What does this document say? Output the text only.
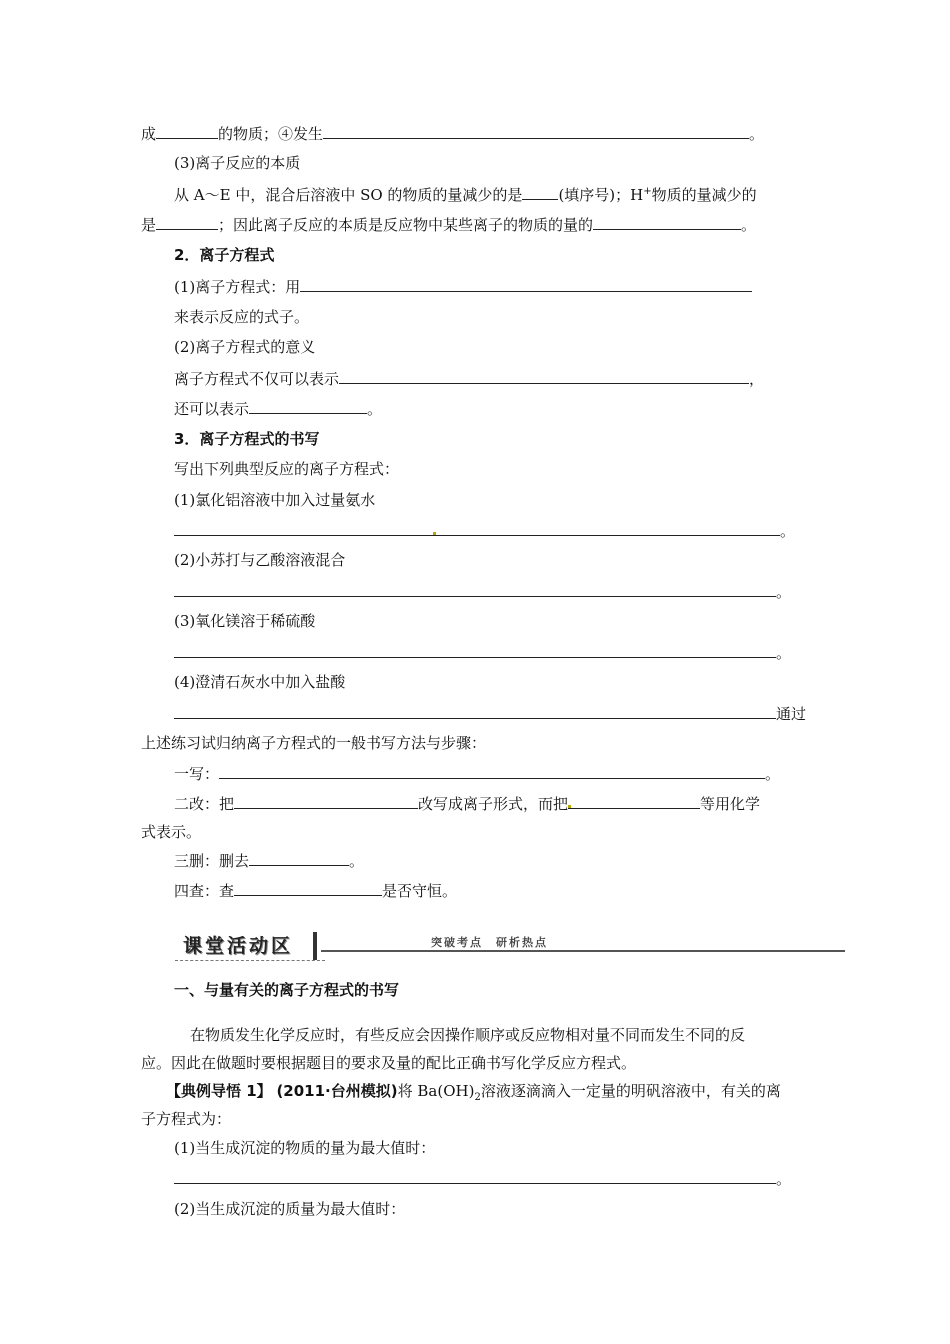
成	的物质；④发生	。
(3)离子反应的本质
从 A～E 中，混合后溶液中 SO 的物质的量减少的是 (填序号)；H+物质的量减少的
是	；因此离子反应的本质是反应物中某些离子的物质的量的	。
2．离子方程式
(1)离子方程式：用
来表示反应的式子。
(2)离子方程式的意义
离子方程式不仅可以表示	，
还可以表示	。
3．离子方程式的书写
写出下列典型反应的离子方程式：
(1)氯化铝溶液中加入过量氨水
。
(2)小苏打与乙酸溶液混合
。
(3)氧化镁溶于稀硫酸
。
(4)澄清石灰水中加入盐酸
通过
上述练习试归纳离子方程式的一般书写方法与步骤：
一写：	。
二改：把	改写成离子形式，而把	等用化学
式表示。
三删：删去	。
四查：查	是否守恒。
课堂活动区	突破考点　研析热点
一、与量有关的离子方程式的书写
在物质发生化学反应时，有些反应会因操作顺序或反应物相对量不同而发生不同的反
应。因此在做题时要根据题目的要求及量的配比正确书写化学反应方程式。
【典例导悟 1】 (2011·台州模拟)将 $Ba(OH)_2$溶液逐滴滴入一定量的明矾溶液中，有关的离
子方程式为：
(1)当生成沉淀的物质的量为最大值时：
。
(2)当生成沉淀的质量为最大值时：
